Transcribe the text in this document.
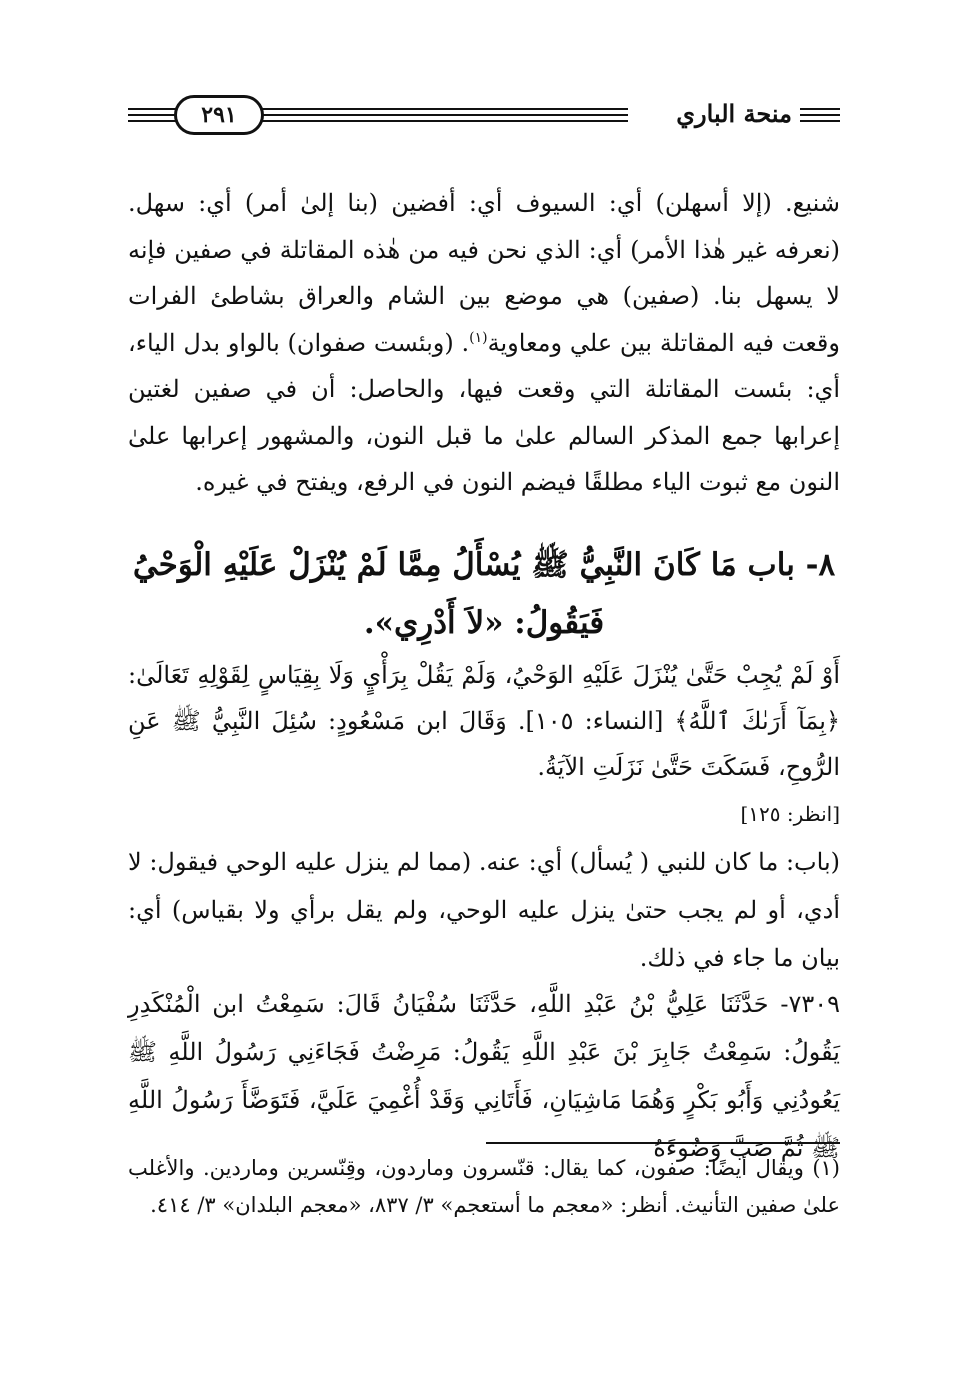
منحة الباري
٢٩١
شنيع. (إلا أسهلن) أي: السيوف أي: أفضين (بنا إلىٰ أمر) أي: سهل. (نعرفه غير هٰذا الأمر) أي: الذي نحن فيه من هٰذه المقاتلة في صفين فإنه لا يسهل بنا. (صفين) هي موضع بين الشام والعراق بشاطئ الفرات وقعت فيه المقاتلة بين علي ومعاوية$^{(١)}$. (وبئست صفوان) بالواو بدل الياء، أي: بئست المقاتلة التي وقعت فيها، والحاصل: أن في صفين لغتين إعرابها جمع المذكر السالم علىٰ ما قبل النون، والمشهور إعرابها علىٰ النون مع ثبوت الياء مطلقًا فيضم النون في الرفع، ويفتح في غيره.
٨- باب مَا كَانَ النَّبِيُّ ﷺ يُسْأَلُ مِمَّا لَمْ يُنْزَلْ عَلَيْهِ الْوَحْيُ
فَيَقُولُ: «لاَ أَدْرِي».
أَوْ لَمْ يُجِبْ حَتَّىٰ يُنْزَلَ عَلَيْهِ الوَحْيُ، وَلَمْ يَقُلْ بِرَأْيٍ وَلَا بِقِيَاسٍ لِقَوْلِهِ تَعَالَىٰ: ﴿بِمَآ أَرَىٰكَ ٱللَّهُ﴾ [النساء: ١٠٥]. وَقَالَ ابن مَسْعُودٍ: سُئِلَ النَّبِيُّ ﷺ عَنِ الرُّوحِ، فَسَكَتَ حَتَّىٰ نَزَلَتِ الآيَةُ.
[انظر: ١٢٥]
(باب: ما كان للنبي ( يُسأل) أي: عنه. (مما لم ينزل عليه الوحي فيقول: لا أدي، أو لم يجب حتىٰ ينزل عليه الوحي، ولم يقل برأي ولا بقياس) أي: بيان ما جاء في ذلك.
٧٣٠٩- حَدَّثَنَا عَلِيُّ بْنُ عَبْدِ اللَّهِ، حَدَّثَنَا سُفْيَانُ قَالَ: سَمِعْتُ ابن الْمُنْكَدِرِ يَقُولُ: سَمِعْتُ جَابِرَ بْنَ عَبْدِ اللَّهِ يَقُولُ: مَرِضْتُ فَجَاءَنِي رَسُولُ اللَّهِ ﷺ يَعُودُنِي وَأَبُو بَكْرٍ وَهُمَا مَاشِيَانِ، فَأَتَانِي وَقَدْ أُغْمِيَ عَلَيَّ، فَتَوَضَّأَ رَسُولُ اللَّهِ ﷺ ثُمَّ صَبَّ وَضُوءَهُ
(١) ويقال أيضًا: صفون، كما يقال: قنّسرون وماردون، وقِنّسرين وماردين. والأغلب علىٰ صفين التأنيث. أنظر: «معجم ما أستعجم» ٣/ ٨٣٧، «معجم البلدان» ٣/ ٤١٤.
